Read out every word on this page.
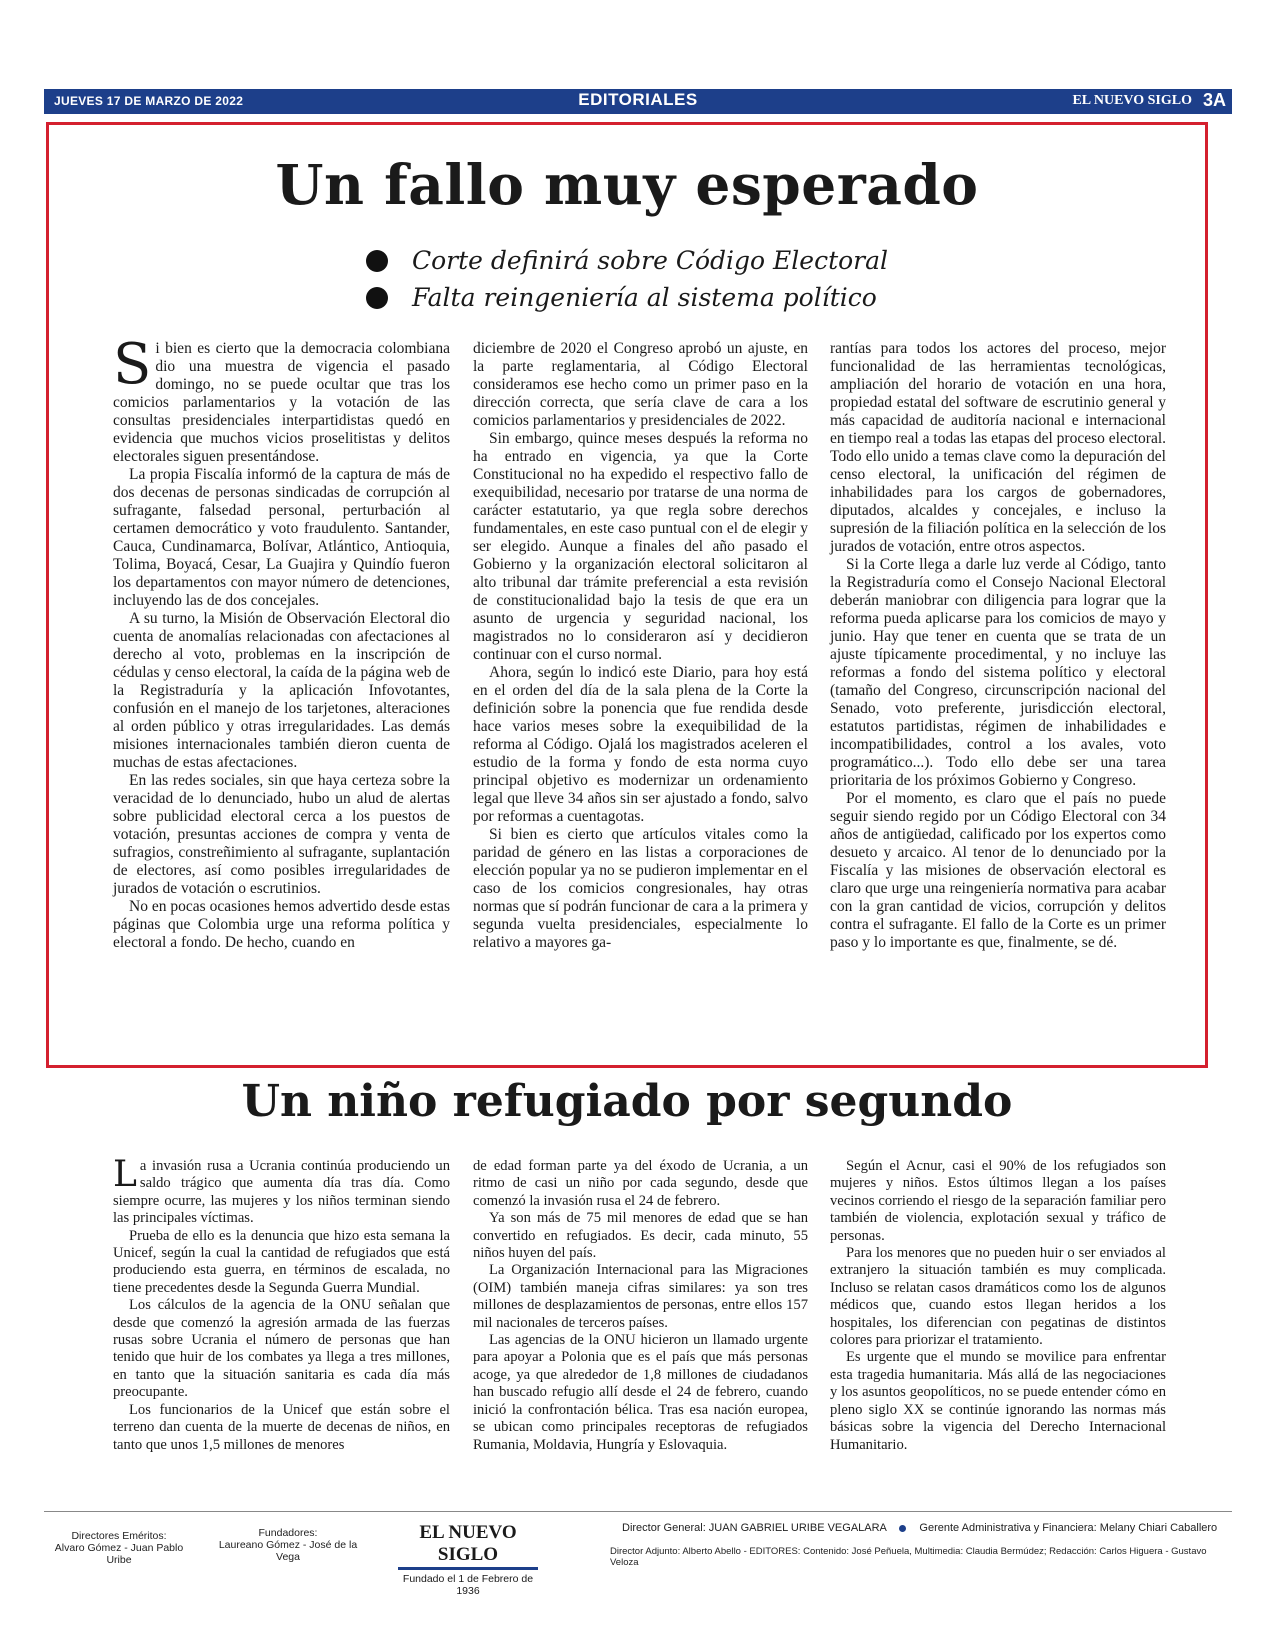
JUEVES 17 DE MARZO DE 2022	EDITORIALES	EL NUEVO SIGLO 3A
Un fallo muy esperado
Corte definirá sobre Código Electoral
Falta reingeniería al sistema político

Si bien es cierto que la democracia colombiana dio una muestra de vigencia el pasado domingo, no se puede ocultar que tras los comicios parlamentarios y la votación de las consultas presidenciales interpartidistas quedó en evidencia que muchos vicios proselitistas y delitos electorales siguen presentándose.

La propia Fiscalía informó de la captura de más de dos decenas de personas sindicadas de corrupción al sufragante, falsedad personal, perturbación al certamen democrático y voto fraudulento. Santander, Cauca, Cundinamarca, Bolívar, Atlántico, Antioquia, Tolima, Boyacá, Cesar, La Guajira y Quindío fueron los departamentos con mayor número de detenciones, incluyendo las de dos concejales.

A su turno, la Misión de Observación Electoral dio cuenta de anomalías relacionadas con afectaciones al derecho al voto, problemas en la inscripción de cédulas y censo electoral, la caída de la página web de la Registraduría y la aplicación Infovotantes, confusión en el manejo de los tarjetones, alteraciones al orden público y otras irregularidades. Las demás misiones internacionales también dieron cuenta de muchas de estas afectaciones.

En las redes sociales, sin que haya certeza sobre la veracidad de lo denunciado, hubo un alud de alertas sobre publicidad electoral cerca a los puestos de votación, presuntas acciones de compra y venta de sufragios, constreñimiento al sufragante, suplantación de electores, así como posibles irregularidades de jurados de votación o escrutinios.

No en pocas ocasiones hemos advertido desde estas páginas que Colombia urge una reforma política y electoral a fondo. De hecho, cuando en

diciembre de 2020 el Congreso aprobó un ajuste, en la parte reglamentaria, al Código Electoral consideramos ese hecho como un primer paso en la dirección correcta, que sería clave de cara a los comicios parlamentarios y presidenciales de 2022.

Sin embargo, quince meses después la reforma no ha entrado en vigencia, ya que la Corte Constitucional no ha expedido el respectivo fallo de exequibilidad, necesario por tratarse de una norma de carácter estatutario, ya que regla sobre derechos fundamentales, en este caso puntual con el de elegir y ser elegido. Aunque a finales del año pasado el Gobierno y la organización electoral solicitaron al alto tribunal dar trámite preferencial a esta revisión de constitucionalidad bajo la tesis de que era un asunto de urgencia y seguridad nacional, los magistrados no lo consideraron así y decidieron continuar con el curso normal.

Ahora, según lo indicó este Diario, para hoy está en el orden del día de la sala plena de la Corte la definición sobre la ponencia que fue rendida desde hace varios meses sobre la exequibilidad de la reforma al Código. Ojalá los magistrados aceleren el estudio de la forma y fondo de esta norma cuyo principal objetivo es modernizar un ordenamiento legal que lleve 34 años sin ser ajustado a fondo, salvo por reformas a cuentagotas.

Si bien es cierto que artículos vitales como la paridad de género en las listas a corporaciones de elección popular ya no se pudieron implementar en el caso de los comicios congresionales, hay otras normas que sí podrán funcionar de cara a la primera y segunda vuelta presidenciales, especialmente lo relativo a mayores ga-

rantías para todos los actores del proceso, mejor funcionalidad de las herramientas tecnológicas, ampliación del horario de votación en una hora, propiedad estatal del software de escrutinio general y más capacidad de auditoría nacional e internacional en tiempo real a todas las etapas del proceso electoral. Todo ello unido a temas clave como la depuración del censo electoral, la unificación del régimen de inhabilidades para los cargos de gobernadores, diputados, alcaldes y concejales, e incluso la supresión de la filiación política en la selección de los jurados de votación, entre otros aspectos.

Si la Corte llega a darle luz verde al Código, tanto la Registraduría como el Consejo Nacional Electoral deberán maniobrar con diligencia para lograr que la reforma pueda aplicarse para los comicios de mayo y junio. Hay que tener en cuenta que se trata de un ajuste típicamente procedimental, y no incluye las reformas a fondo del sistema político y electoral (tamaño del Congreso, circunscripción nacional del Senado, voto preferente, jurisdicción electoral, estatutos partidistas, régimen de inhabilidades e incompatibilidades, control a los avales, voto programático...). Todo ello debe ser una tarea prioritaria de los próximos Gobierno y Congreso.

Por el momento, es claro que el país no puede seguir siendo regido por un Código Electoral con 34 años de antigüedad, calificado por los expertos como desueto y arcaico. Al tenor de lo denunciado por la Fiscalía y las misiones de observación electoral es claro que urge una reingeniería normativa para acabar con la gran cantidad de vicios, corrupción y delitos contra el sufragante. El fallo de la Corte es un primer paso y lo importante es que, finalmente, se dé.

Un niño refugiado por segundo

La invasión rusa a Ucrania continúa produciendo un saldo trágico que aumenta día tras día. Como siempre ocurre, las mujeres y los niños terminan siendo las principales víctimas.

Prueba de ello es la denuncia que hizo esta semana la Unicef, según la cual la cantidad de refugiados que está produciendo esta guerra, en términos de escalada, no tiene precedentes desde la Segunda Guerra Mundial.

Los cálculos de la agencia de la ONU señalan que desde que comenzó la agresión armada de las fuerzas rusas sobre Ucrania el número de personas que han tenido que huir de los combates ya llega a tres millones, en tanto que la situación sanitaria es cada día más preocupante.

Los funcionarios de la Unicef que están sobre el terreno dan cuenta de la muerte de decenas de niños, en tanto que unos 1,5 millones de menores

de edad forman parte ya del éxodo de Ucrania, a un ritmo de casi un niño por cada segundo, desde que comenzó la invasión rusa el 24 de febrero.

Ya son más de 75 mil menores de edad que se han convertido en refugiados. Es decir, cada minuto, 55 niños huyen del país.

La Organización Internacional para las Migraciones (OIM) también maneja cifras similares: ya son tres millones de desplazamientos de personas, entre ellos 157 mil nacionales de terceros países.

Las agencias de la ONU hicieron un llamado urgente para apoyar a Polonia que es el país que más personas acoge, ya que alrededor de 1,8 millones de ciudadanos han buscado refugio allí desde el 24 de febrero, cuando inició la confrontación bélica. Tras esa nación europea, se ubican como principales receptoras de refugiados Rumania, Moldavia, Hungría y Eslovaquia.

Según el Acnur, casi el 90% de los refugiados son mujeres y niños. Estos últimos llegan a los países vecinos corriendo el riesgo de la separación familiar pero también de violencia, explotación sexual y tráfico de personas.

Para los menores que no pueden huir o ser enviados al extranjero la situación también es muy complicada. Incluso se relatan casos dramáticos como los de algunos médicos que, cuando estos llegan heridos a los hospitales, los diferencian con pegatinas de distintos colores para priorizar el tratamiento.

Es urgente que el mundo se movilice para enfrentar esta tragedia humanitaria. Más allá de las negociaciones y los asuntos geopolíticos, no se puede entender cómo en pleno siglo XX se continúe ignorando las normas más básicas sobre la vigencia del Derecho Internacional Humanitario.

Directores Eméritos:
Alvaro Gómez - Juan Pablo Uribe
Fundadores:
Laureano Gómez - José de la Vega
EL NUEVO SIGLO
Fundado el 1 de Febrero de 1936
Director General: JUAN GABRIEL URIBE VEGALARA	Gerente Administrativa y Financiera: Melany Chiari Caballero
Director Adjunto: Alberto Abello - EDITORES: Contenido: José Peñuela, Multimedia: Claudia Bermúdez; Redacción: Carlos Higuera - Gustavo Veloza
